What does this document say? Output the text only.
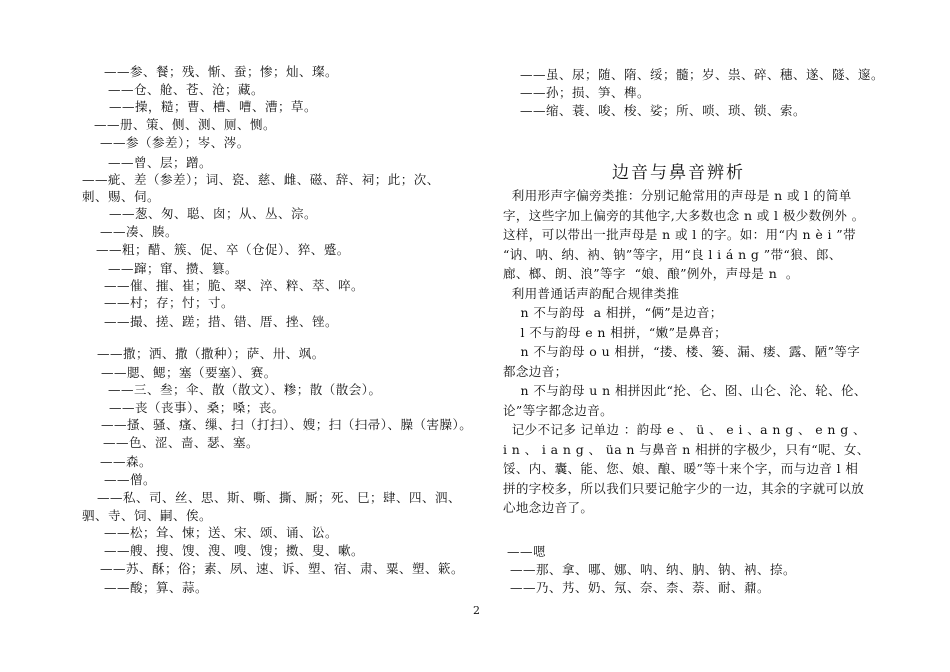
——参、餐；残、惭、蚕；惨；灿、璨。
——仓、舱、苍、沧；藏。
——操，糙；曹、槽、嘈、漕；草。
——册、策、侧、测、厕、恻。
——参（参差）；岑、涔。
——曾、层；蹭。
——疵、差（参差）；词、瓷、慈、雌、磁、辞、祠；此；次、
刺、赐、伺。
——葱、匆、聪、囱；从、丛、淙。
——凑、腠。
——粗；醋、簇、促、卒（仓促）、猝、蹙。
——蹿；窜、攒、篡。
——催、摧、崔；脆、翠、淬、粹、萃、啐。
——村；存；忖；寸。
——撮、搓、蹉；措、错、厝、挫、锉。
——撒；洒、撒（撒种）；萨、卅、飒。
——腮、鳃；塞（要塞）、赛。
——三、叁；伞、散（散文）、糁；散（散会）。
——丧（丧事）、桑；嗓；丧。
——搔、骚、瘙、缫、扫（打扫）、嫂；扫（扫帚）、臊（害臊）。
——色、涩、啬、瑟、塞。
——森。
——僧。
——私、司、丝、思、斯、嘶、撕、厮；死、巳；肆、四、泗、
驷、寺、饲、嗣、俟。
——松；耸、悚；送、宋、颂、诵、讼。
——艘、搜、馊、溲、嗖、馊；擞、叟、嗽。
——苏、酥；俗；素、夙、速、诉、塑、宿、肃、粟、塑、簌。
——酸；算、蒜。
——虽、尿；随、隋、绥；髓；岁、祟、碎、穗、遂、隧、邃。
——孙；损、笋、榫。
——缩、蓑、唆、梭、娑；所、唢、琐、锁、索。
边音与鼻音辨析
利用形声字偏旁类推：分别记舱常用的声母是 n 或 l 的简单
字，这些字加上偏旁的其他字,大多数也念 n 或 l 极少数例外 。
这样，可以带出一批声母是 n 或 l 的字。如：用“内 n è i ”带
“讷、呐、纳、衲、钠”等字，用“良 l i á n g ”带“狼、郎、
廊、榔、朗、浪”等字  “娘、酿”例外，声母是 n  。
利用普通话声韵配合规律类推
n 不与韵母  a 相拼，“俩”是边音；
l 不与韵母 e n 相拼，“嫩”是鼻音；
n 不与韵母 o u 相拼，“搂、楼、篓、漏、瘘、露、陋”等字
都念边音；
n 不与韵母 u n 相拼因此“抡、仑、囵、山仑、沦、轮、伦、
论”等字都念边音。
记少不记多 记单边 ：韵母 e 、 ü 、 e i 、a n g 、 e n g 、
i n 、 i a n g 、 üa n 与鼻音 n 相拼的字极少，只有“呢、女、
馁、内、囊、能、您、娘、酿、暖”等十来个字，而与边音 l 相
拼的字校多，所以我们只要记舱字少的一边，其余的字就可以放
心地念边音了。
——嗯
——那、拿、哪、娜、呐、纳、肭、钠、衲、捺。
——乃、艿、奶、氖、奈、柰、萘、耐、鼐。
2
